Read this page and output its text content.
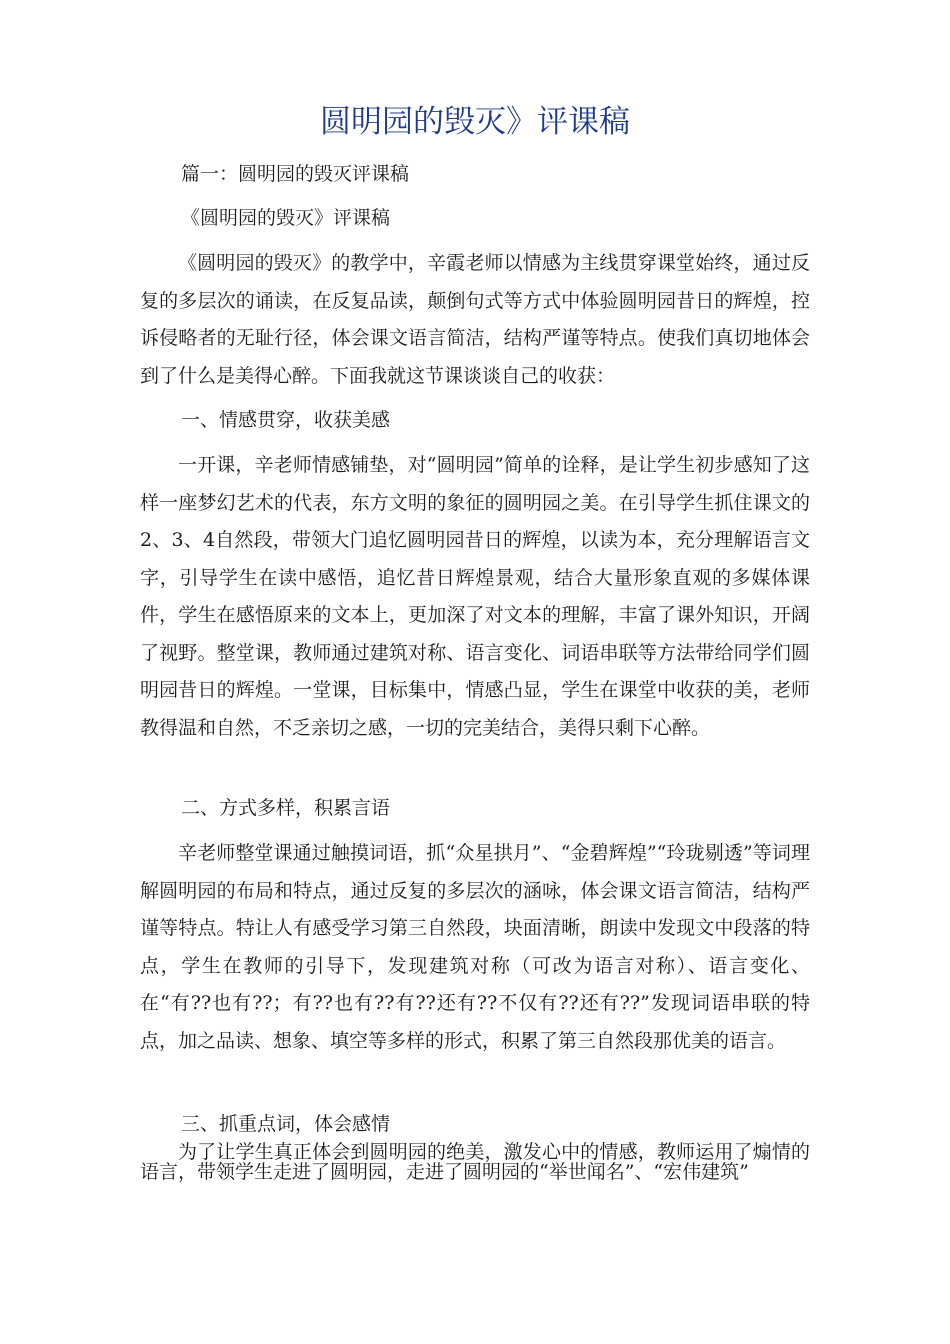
圆明园的毁灭》评课稿
篇一：圆明园的毁灭评课稿
《圆明园的毁灭》评课稿
《圆明园的毁灭》的教学中，辛霞老师以情感为主线贯穿课堂始终，通过反复的多层次的诵读，在反复品读，颠倒句式等方式中体验圆明园昔日的辉煌，控诉侵略者的无耻行径，体会课文语言简洁，结构严谨等特点。使我们真切地体会到了什么是美得心醉。下面我就这节课谈谈自己的收获：
一、情感贯穿，收获美感
一开课，辛老师情感铺垫，对“圆明园”简单的诠释，是让学生初步感知了这样一座梦幻艺术的代表，东方文明的象征的圆明园之美。在引导学生抓住课文的2、3、4自然段，带领大门追忆圆明园昔日的辉煌，以读为本，充分理解语言文字，引导学生在读中感悟，追忆昔日辉煌景观，结合大量形象直观的多媒体课件，学生在感悟原来的文本上，更加深了对文本的理解，丰富了课外知识，开阔了视野。整堂课，教师通过建筑对称、语言变化、词语串联等方法带给同学们圆明园昔日的辉煌。一堂课，目标集中，情感凸显，学生在课堂中收获的美，老师教得温和自然，不乏亲切之感，一切的完美结合，美得只剩下心醉。
二、方式多样，积累言语
辛老师整堂课通过触摸词语，抓“众星拱月”、“金碧辉煌”“玲珑剔透”等词理解圆明园的布局和特点，通过反复的多层次的涵咏，体会课文语言简洁，结构严谨等特点。特让人有感受学习第三自然段，块面清晰，朗读中发现文中段落的特点，学生在教师的引导下，发现建筑对称（可改为语言对称）、语言变化、在“有??也有??；有??也有??有??还有??不仅有??还有??”发现词语串联的特点，加之品读、想象、填空等多样的形式，积累了第三自然段那优美的语言。
三、抓重点词，体会感情
为了让学生真正体会到圆明园的绝美，激发心中的情感，教师运用了煽情的语言，带领学生走进了圆明园，走进了圆明园的“举世闻名”、“宏伟建筑”
